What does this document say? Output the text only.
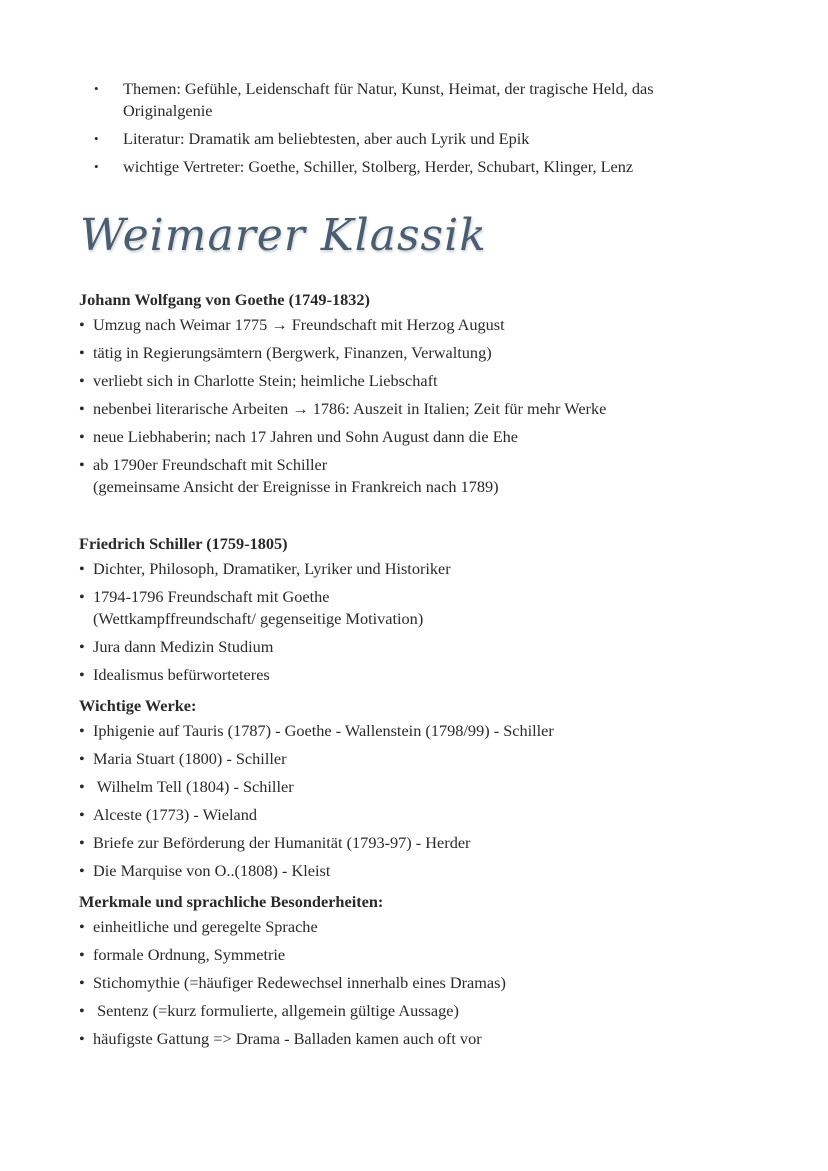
• Themen: Gefühle, Leidenschaft für Natur, Kunst, Heimat, der tragische Held, das Originalgenie
• Literatur: Dramatik am beliebtesten, aber auch Lyrik und Epik
• wichtige Vertreter: Goethe, Schiller, Stolberg, Herder, Schubart, Klinger, Lenz
Weimarer Klassik

Johann Wolfgang von Goethe (1749-1832)

• Umzug nach Weimar 1775 → Freundschaft mit Herzog August
• tätig in Regierungsämtern (Bergwerk, Finanzen, Verwaltung)
• verliebt sich in Charlotte Stein; heimliche Liebschaft
• nebenbei literarische Arbeiten → 1786: Auszeit in Italien; Zeit für mehr Werke
• neue Liebhaberin; nach 17 Jahren und Sohn August dann die Ehe
• ab 1790er Freundschaft mit Schiller
(gemeinsame Ansicht der Ereignisse in Frankreich nach 1789)

Friedrich Schiller (1759-1805)

• Dichter, Philosoph, Dramatiker, Lyriker und Historiker
• 1794-1796 Freundschaft mit Goethe
(Wettkampffreundschaft/ gegenseitige Motivation)
• Jura dann Medizin Studium
• Idealismus befürworteteres

Wichtige Werke:

• Iphigenie auf Tauris (1787) - Goethe - Wallenstein (1798/99) - Schiller
• Maria Stuart (1800) - Schiller
• Wilhelm Tell (1804) - Schiller
• Alceste (1773) - Wieland
• Briefe zur Beförderung der Humanität (1793-97) - Herder
• Die Marquise von O..(1808) - Kleist

Merkmale und sprachliche Besonderheiten:

• einheitliche und geregelte Sprache
• formale Ordnung, Symmetrie
• Stichomythie (=häufiger Redewechsel innerhalb eines Dramas)
• Sentenz (=kurz formulierte, allgemein gültige Aussage)
• häufigste Gattung => Drama - Balladen kamen auch oft vor
